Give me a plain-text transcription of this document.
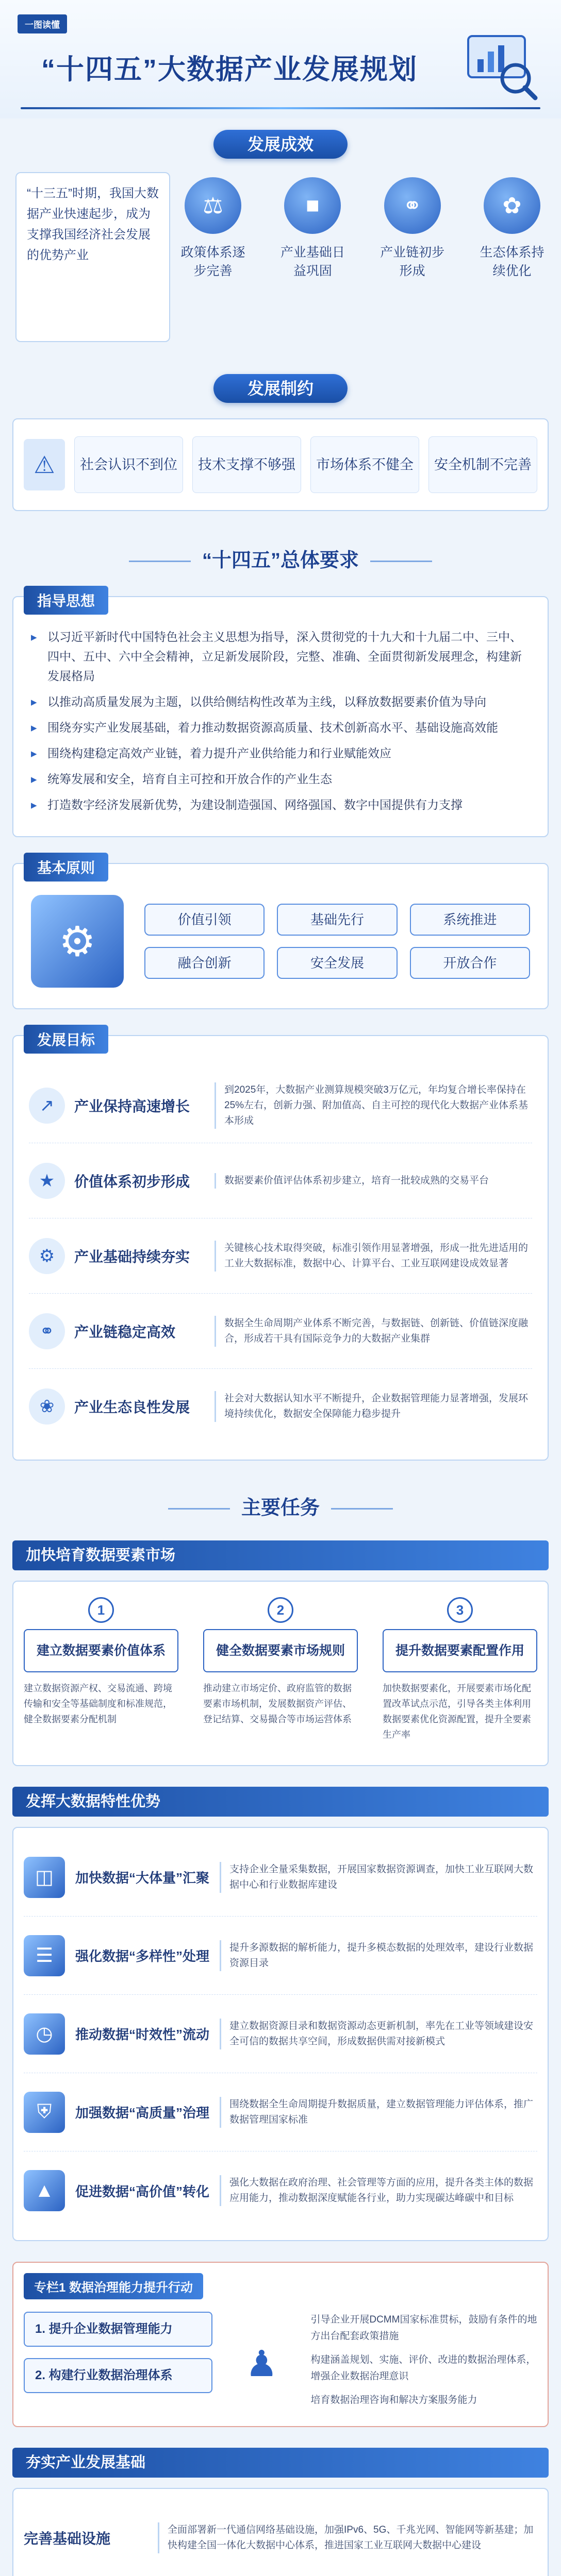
一图读懂
“十四五”大数据产业发展规划
发展成效
“十三五”时期，我国大数据产业快速起步，成为支撑我国经济社会发展的优势产业
⚖
政策体系逐步完善
■
产业基础日益巩固
⚭
产业链初步形成
✿
生态体系持续优化
发展制约
⚠	社会认识不到位	技术支撑不够强	市场体系不健全	安全机制不完善
“十四五”总体要求
指导思想
▸ 以习近平新时代中国特色社会主义思想为指导，深入贯彻党的十九大和十九届二中、三中、四中、五中、六中全会精神，立足新发展阶段，完整、准确、全面贯彻新发展理念，构建新发展格局
▸ 以推动高质量发展为主题，以供给侧结构性改革为主线，以释放数据要素价值为导向
▸ 围绕夯实产业发展基础，着力推动数据资源高质量、技术创新高水平、基础设施高效能
▸ 围绕构建稳定高效产业链，着力提升产业供给能力和行业赋能效应
▸ 统筹发展和安全，培育自主可控和开放合作的产业生态
▸ 打造数字经济发展新优势，为建设制造强国、网络强国、数字中国提供有力支撑
基本原则
⚙	价值引领	基础先行	系统推进
融合创新	安全发展	开放合作
发展目标
↗	产业保持高速增长
到2025年，大数据产业测算规模突破3万亿元，年均复合增长率保持在25%左右，创新力强、附加值高、自主可控的现代化大数据产业体系基本形成
★	价值体系初步形成	数据要素价值评估体系初步建立，培育一批较成熟的交易平台
⚙	产业基础持续夯实
关键核心技术取得突破，标准引领作用显著增强，形成一批先进适用的工业大数据标准，数据中心、计算平台、工业互联网建设成效显著
⚭	产业链稳定高效
数据全生命周期产业体系不断完善，与数据链、创新链、价值链深度融合，形成若干具有国际竞争力的大数据产业集群
❀	产业生态良性发展
社会对大数据认知水平不断提升，企业数据管理能力显著增强，发展环境持续优化，数据安全保障能力稳步提升
主要任务
加快培育数据要素市场
1
建立数据要素价值体系
建立数据资源产权、交易流通、跨境传输和安全等基础制度和标准规范，健全数据要素分配机制
2
健全数据要素市场规则
推动建立市场定价、政府监管的数据要素市场机制，发展数据资产评估、登记结算、交易撮合等市场运营体系
3
提升数据要素配置作用
加快数据要素化，开展要素市场化配置改革试点示范，引导各类主体利用数据要素优化资源配置，提升全要素生产率
发挥大数据特性优势
◫	加快数据“大体量”汇聚
支持企业全量采集数据，开展国家数据资源调查，加快工业互联网大数据中心和行业数据库建设
☰	强化数据“多样性”处理
提升多源数据的解析能力，提升多模态数据的处理效率，建设行业数据资源目录
◷	推动数据“时效性”流动
建立数据资源目录和数据资源动态更新机制，率先在工业等领域建设安全可信的数据共享空间，形成数据供需对接新模式
⛨	加强数据“高质量”治理
围绕数据全生命周期提升数据质量，建立数据管理能力评估体系，推广数据管理国家标准
▲	促进数据“高价值”转化
强化大数据在政府治理、社会管理等方面的应用，提升各类主体的数据应用能力，推动数据深度赋能各行业，助力实现碳达峰碳中和目标
专栏1 数据治理能力提升行动
1. 提升企业数据管理能力
2. 构建行业数据治理体系	♟
引导企业开展DCMM国家标准贯标，鼓励有条件的地方出台配套政策措施
构建涵盖规划、实施、评价、改进的数据治理体系，增强企业数据治理意识
培育数据治理咨询和解决方案服务能力
夯实产业发展基础
完善基础设施
全面部署新一代通信网络基础设施，加强IPv6、5G、千兆光网、智能网等新基建；加快构建全国一体化大数据中心体系，推进国家工业互联网大数据中心建设
